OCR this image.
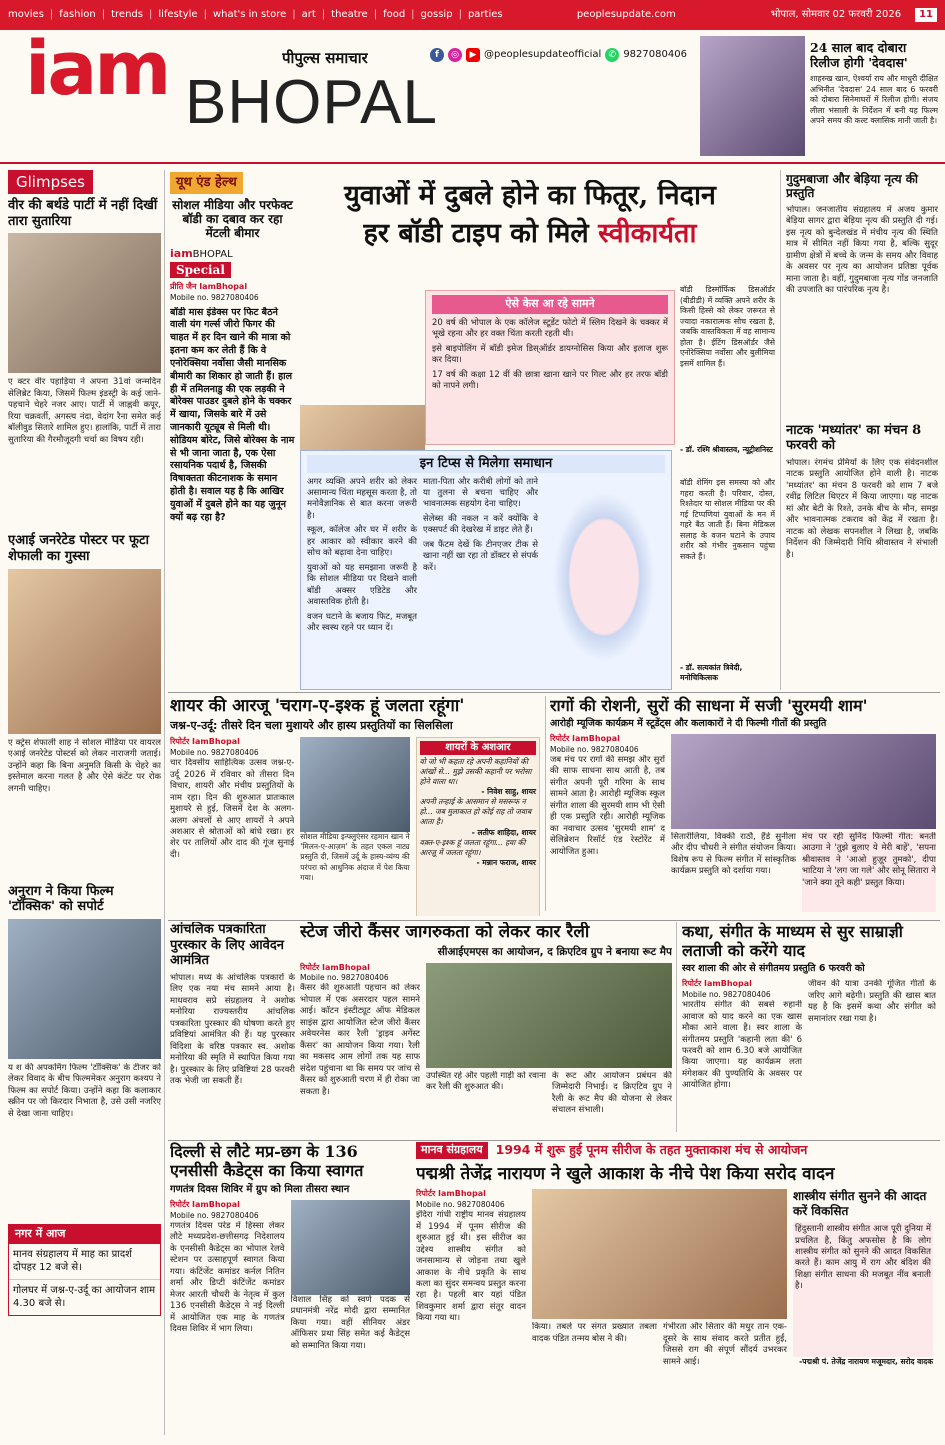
movies | fashion | trends | lifestyle | what's in store | art | theatre | food | gossip | parties	peoplesupdate.com	भोपाल, सोमवार 02 फरवरी 2026	11
पीपुल्स समाचार	f	◎	▶ @peoplesupdateofficial ✆ 9827080406
iam BHOPAL
24 साल बाद दोबारा रिलीज होगी 'देवदास'

शाहरुख खान, ऐश्वर्या राय और माधुरी दीक्षित अभिनीत 'देवदास' 24 साल बाद 6 फरवरी को दोबारा सिनेमाघरों में रिलीज होगी। संजय लीला भंसाली के निर्देशन में बनी यह फिल्म अपने समय की कल्ट क्लासिक मानी जाती है।

Glimpses
वीर की बर्थडे पार्टी में नहीं दिखीं तारा सुतारिया

ए क्टर वीर पहाड़िया ने अपना 31वां जन्मदिन सेलिब्रेट किया, जिसमें फिल्म इंडस्ट्री के कई जाने-पहचाने चेहरे नजर आए। पार्टी में जाह्नवी कपूर, रिया चक्रवर्ती, अगस्त्य नंदा, वेदांग रैना समेत कई बॉलीवुड सितारे शामिल हुए। हालांकि, पार्टी में तारा सुतारिया की गैरमौजूदगी चर्चा का विषय रही।

एआई जनरेटेड पोस्टर पर फूटा शेफाली का गुस्सा

ए क्ट्रेस शेफाली शाह ने सोशल मीडिया पर वायरल एआई जनरेटेड पोस्टर्स को लेकर नाराजगी जताई। उन्होंने कहा कि बिना अनुमति किसी के चेहरे का इस्तेमाल करना गलत है और ऐसे कंटेंट पर रोक लगनी चाहिए।

अनुराग ने किया फिल्म 'टॉक्सिक' को सपोर्ट

य श की अपकमिंग फिल्म 'टॉक्सिक' के टीजर को लेकर विवाद के बीच फिल्ममेकर अनुराग कश्यप ने फिल्म का सपोर्ट किया। उन्होंने कहा कि कलाकार स्क्रीन पर जो किरदार निभाता है, उसे उसी नजरिए से देखा जाना चाहिए।

नगर में आज

मानव संग्रहालय में माह का प्रादर्श दोपहर 12 बजे से।

गोलघर में जश्न-ए-उर्दू का आयोजन शाम 4.30 बजे से।

यूथ एंड हेल्थ
सोशल मीडिया और परफेक्ट बॉडी का दबाव कर रहा मेंटली बीमार
iamBHOPAL
Special
प्रीति जैन IamBhopal
Mobile no. 9827080406

बॉडी मास इंडेक्स पर फिट बैठने वाली यंग गर्ल्स जीरो फिगर की चाहत में हर दिन खाने की मात्रा को इतना कम कर लेती हैं कि वे एनोरेक्सिया नर्वोसा जैसी मानसिक बीमारी का शिकार हो जाती हैं। हाल ही में तमिलनाडु की एक लड़की ने बोरेक्स पाउडर दुबले होने के चक्कर में खाया, जिसके बारे में उसे जानकारी यूट्यूब से मिली थी। सोडियम बोरेट, जिसे बोरेक्स के नाम से भी जाना जाता है, एक ऐसा रसायनिक पदार्थ है, जिसकी विषाक्तता कीटनाशक के समान होती है। सवाल यह है कि आखिर युवाओं में दुबले होने का यह जुनून क्यों बढ़ रहा है?

युवाओं में दुबले होने का फितूर, निदान
हर बॉडी टाइप को मिले स्वीकार्यता
ऐसे केस आ रहे सामने

20 वर्ष की भोपाल के एक कॉलेज स्टूडेंट फोटो में स्लिम दिखने के चक्कर में भूखे रहना और हर वक्त चिंता करती रहती थी।

इसे बाइपोलिंग में बॉडी इमेज डिस्ऑर्डर डायग्नोसिस किया और इलाज शुरू कर दिया।

17 वर्ष की कक्षा 12 वीं की छात्रा खाना खाने पर गिल्ट और हर तरफ बॉडी को नापने लगी।

बॉडी डिस्मॉर्फिक डिसऑर्डर (बीडीडी) में व्यक्ति अपने शरीर के किसी हिस्से को लेकर जरूरत से ज्यादा नकारात्मक सोच रखता है, जबकि वास्तविकता में वह सामान्य होता है। ईटिंग डिसऑर्डर जैसे एनोरेक्सिया नर्वोसा और बुलीमिया इसमें शामिल हैं।

- डॉ. रश्मि श्रीवास्तव, न्यूट्रीशनिस्ट

इन टिप्स से मिलेगा समाधान

अगर व्यक्ति अपने शरीर को लेकर असामान्य चिंता महसूस करता है, तो मनोवैज्ञानिक से बात करना जरूरी है।

स्कूल, कॉलेज और घर में शरीर के हर आकार को स्वीकार करने की सोच को बढ़ावा देना चाहिए।

युवाओं को यह समझाना जरूरी है कि सोशल मीडिया पर दिखने वाली बॉडी अक्सर एडिटेड और अवास्तविक होती है।

वजन घटाने के बजाय फिट, मजबूत और स्वस्थ रहने पर ध्यान दें।

माता-पिता और करीबी लोगों को ताने या तुलना से बचना चाहिए और भावनात्मक सहयोग देना चाहिए।

सेलेब्स की नकल न करें क्योंकि वे एक्सपर्ट की देखरेख में डाइट लेते हैं।

जब फैंटम देखें कि टीनएजर टीक से खाना नहीं खा रहा तो डॉक्टर से संपर्क करें।

बॉडी शेमिंग इस समस्या को और गहरा करती है। परिवार, दोस्त, रिश्तेदार या सोशल मीडिया पर की गई टिप्पणियां युवाओं के मन में गहरे बैठ जाती हैं। बिना मेडिकल सलाह के वजन घटाने के उपाय शरीर को गंभीर नुकसान पहुंचा सकते हैं।

- डॉ. सत्यकांत त्रिवेदी, मनोचिकित्सक

गुदुमबाजा और बेड़िया नृत्य की प्रस्तुति

भोपाल। जनजातीय संग्रहालय में अजय कुमार बेड़िया सागर द्वारा बेड़िया नृत्य की प्रस्तुति दी गई। इस नृत्य को बुन्देलखंड में मंचीय नृत्य की स्थिति मात्र में सीमित नहीं किया गया है, बल्कि सुदूर ग्रामीण क्षेत्रों में बच्चे के जन्म के समय और विवाह के अवसर पर नृत्य का आयोजन प्रतिष्ठा पूर्वक माना जाता है। वहीं, गुदुमबाजा नृत्य गोंड जनजाति की उपजाति का पारंपरिक नृत्य है।

नाटक 'मध्यांतर' का मंचन 8 फरवरी को

भोपाल। रंगमंच प्रेमियों के लिए एक संवेदनशील नाटक प्रस्तुति आयोजित होने वाली है। नाटक 'मध्यांतर' का मंचन 8 फरवरी को शाम 7 बजे रवींद्र लिटिल थिएटर में किया जाएगा। यह नाटक मां और बेटी के रिश्ते, उनके बीच के मौन, समझ और भावनात्मक टकराव को केंद्र में रखता है। नाटक को लेखक सपनशील ने लिखा है, जबकि निर्देशन की जिम्मेदारी निधि श्रीवास्तव ने संभाली है।

शायर की आरजू 'चराग-ए-इश्क हूं जलता रहूंगा'
जश्न-ए-उर्दू: तीसरे दिन चला मुशायरे और हास्य प्रस्तुतियों का सिलसिला
रिपोर्टर IamBhopal
Mobile no. 9827080406

चार दिवसीय साहित्यिक उत्सव जश्न-ए-उर्दू 2026 में रविवार को तीसरा दिन विचार, शायरी और मंचीय प्रस्तुतियों के नाम रहा। दिन की शुरुआत प्रातःकाल मुशायरे से हुई, जिसमें देश के अलग-अलग अंचलों से आए शायरों ने अपने अशआर से श्रोताओं को बांधे रखा। हर शेर पर तालियों और दाद की गूंज सुनाई दी।

सोशल मीडिया इन्फ्लुएंसर रहमान खान ने 'मिलन-ए-आज़म' के तहत एकल नाट्य प्रस्तुति दी, जिसमें उर्दू के हास्य-व्यंग्य की परंपरा को आधुनिक अंदाज में पेश किया गया।

शायरों के अशआर

वो जो भी कहता रहे अपनी कहानियों की आंखों से... मुझे उसकी कहानी पर भरोसा होने वाला था।

- निवेश साहु, शायर

अपनी तन्हाई के आसमान से मसरूफ न हो... जब मुलाकात हो कोई राह तो जवाब आता है।

- लतीफ शाहिदा, शायर

वक़्त-ए-इश्क हूं जलता रहूंगा... हवा की आरज़ू में जलता रहूंगा।

- मन्नान फराज, शायर

रागों की रोशनी, सुरों की साधना में सजी 'सुरमयी शाम'
आरोही म्यूजिक कार्यक्रम में स्टूडेंट्स और कलाकारों ने दी फिल्मी गीतों की प्रस्तुति
रिपोर्टर IamBhopal
Mobile no. 9827080406

जब मंच पर रागों की समझ और सुरों की साफ साधना साथ आती है, तब संगीत अपनी पूरी गरिमा के साथ सामने आता है। आरोही म्यूजिक स्कूल संगीत शाला की सुरमयी शाम भी ऐसी ही एक प्रस्तुति रही। आरोही म्यूजिक का नवाचार उत्सव 'सुरमयी शाम' द सेलिब्रेशन रिसॉर्ट एंड रेस्टोरेंट में आयोजित हुआ।

सितारीलिया, विक्की राठौ, हैंडे सुनीला और दीप चौधरी ने संगीत संयोजन किया। विशेष रूप से फिल्म संगीत में सांस्कृतिक कार्यक्रम प्रस्तुति को दर्शाया गया।

मंच पर रही सुनिंद फिल्मी गीत: बनती आउगा ने 'तुझे बुलाए ये मेरी बाहें', 'सपना श्रीवास्तव ने 'आओ हुज़ूर तुमको', दीपा भाटिया ने 'लग जा गले' और सोनू सितारा ने 'जाने क्या तूने कही' प्रस्तुत किया।

आंचलिक पत्रकारिता पुरस्कार के लिए आवेदन आमंत्रित

भोपाल। मध्य के आंचलिक पत्रकारों के लिए एक नया मंच सामने आया है। माधवराव सप्रे संग्रहालय ने अशोक मनोरिया राज्यस्तरीय आंचलिक पत्रकारिता पुरस्कार की घोषणा करते हुए प्रविष्टियां आमंत्रित की हैं। यह पुरस्कार विदिशा के वरिष्ठ पत्रकार स्व. अशोक मनोरिया की स्मृति में स्थापित किया गया है। पुरस्कार के लिए प्रविष्टियां 28 फरवरी तक भेजी जा सकती हैं।

स्टेज जीरो कैंसर जागरुकता को लेकर कार रैली
सीआईएमएस का आयोजन, द क्रिएटिव ग्रुप ने बनाया रूट मैप
रिपोर्टर IamBhopal
Mobile no. 9827080406

कैंसर की शुरुआती पहचान को लेकर भोपाल में एक असरदार पहल सामने आई। कॉटन इंस्टीट्यूट ऑफ मेडिकल साइंस द्वारा आयोजित स्टेज जीरो कैंसर अवेयरनेस कार रैली 'ड्राइव अगेंस्ट कैंसर' का आयोजन किया गया। रैली का मकसद आम लोगों तक यह साफ संदेश पहुंचाना था कि समय पर जांच से कैंसर को शुरुआती चरण में ही रोका जा सकता है।

उपस्थित रहे और पहली गाड़ी को रवाना कर रैली की शुरुआत की।

के रूट और आयोजन प्रबंधन की जिम्मेदारी निभाई। द क्रिएटिव ग्रुप ने रैली के रूट मैप की योजना से लेकर संचालन संभाली।

कथा, संगीत के माध्यम से सुर साम्राज्ञी लताजी को करेंगे याद
स्वर शाला की ओर से संगीतमय प्रस्तुति 6 फरवरी को
रिपोर्टर IamBhopal
Mobile no. 9827080406

भारतीय संगीत की सबसे रुहानी आवाज को याद करने का एक खास मौका आने वाला है। स्वर शाला के संगीतमय प्रस्तुति 'कहानी लता की' 6 फरवरी को शाम 6.30 बजे आयोजित किया जाएगा। यह कार्यक्रम लता मंगेशकर की पुण्यतिथि के अवसर पर आयोजित होगा।

जीवन की यात्रा उनकी गूंजित गीतों के जरिए आगे बढ़ेगी। प्रस्तुति की खास बात यह है कि इसमें कथा और संगीत को समानांतर रखा गया है।

दिल्ली से लौटे मप्र-छग के 136 एनसीसी कैडेट्स का किया स्वागत
गणतंत्र दिवस शिविर में ग्रुप को मिला तीसरा स्थान
रिपोर्टर IamBhopal
Mobile no. 9827080406

गणतंत्र दिवस परेड में हिस्सा लेकर लौटे मध्यप्रदेश-छत्तीसगढ़ निदेशालय के एनसीसी कैडेट्स का भोपाल रेलवे स्टेशन पर उत्साहपूर्ण स्वागत किया गया। कंटिंजेंट कमांडर कर्नल नितिन शर्मा और डिप्टी कंटिंजेंट कमांडर मेजर आरती चौधरी के नेतृत्व में कुल 136 एनसीसी कैडेट्स ने नई दिल्ली में आयोजित एक माह के गणतंत्र दिवस शिविर में भाग लिया।

विशाल सिंह को स्वर्ण पदक से प्रधानमंत्री नरेंद्र मोदी द्वारा सम्मानित किया गया। वहीं सीनियर अंडर ऑफिसर प्रथा सिंह समेत कई कैडेट्स को सम्मानित किया गया।

मानव संग्रहालय	1994 में शुरू हुई पूनम सीरीज के तहत मुक्ताकाश मंच से आयोजन
पद्मश्री तेजेंद्र नारायण ने खुले आकाश के नीचे पेश किया सरोद वादन
रिपोर्टर IamBhopal
Mobile no. 9827080406

इंदिरा गांधी राष्ट्रीय मानव संग्रहालय में 1994 में पूनम सीरीज की शुरुआत हुई थी। इस सीरीज का उद्देश्य शास्त्रीय संगीत को जनसामान्य से जोड़ना तथा खुले आकाश के नीचे प्रकृति के साथ कला का सुंदर समन्वय प्रस्तुत करना रहा है। पहली बार यहां पंडित शिवकुमार शर्मा द्वारा संतूर वादन किया गया था।

किया। तबले पर संगत प्रख्यात तबला वादक पंडित तन्मय बोस ने की।

गंभीरता और सितार की मधुर तान एक-दूसरे के साथ संवाद करते प्रतीत हुईं, जिससे राग की संपूर्ण सौंदर्य उभरकर सामने आई।

शास्त्रीय संगीत सुनने की आदत करें विकसित

हिंदुस्तानी शास्त्रीय संगीत आज पूरी दुनिया में प्रचलित है, किंतु अफसोस है कि लोग शास्त्रीय संगीत को सुनने की आदत विकसित करते हैं। काम आयु में राग और बंदिश की शिक्षा संगीत साधना की मजबूत नींव बनाती है।

-पद्मश्री पं. तेजेंद्र नारायण मजूमदार, सरोद वादक
